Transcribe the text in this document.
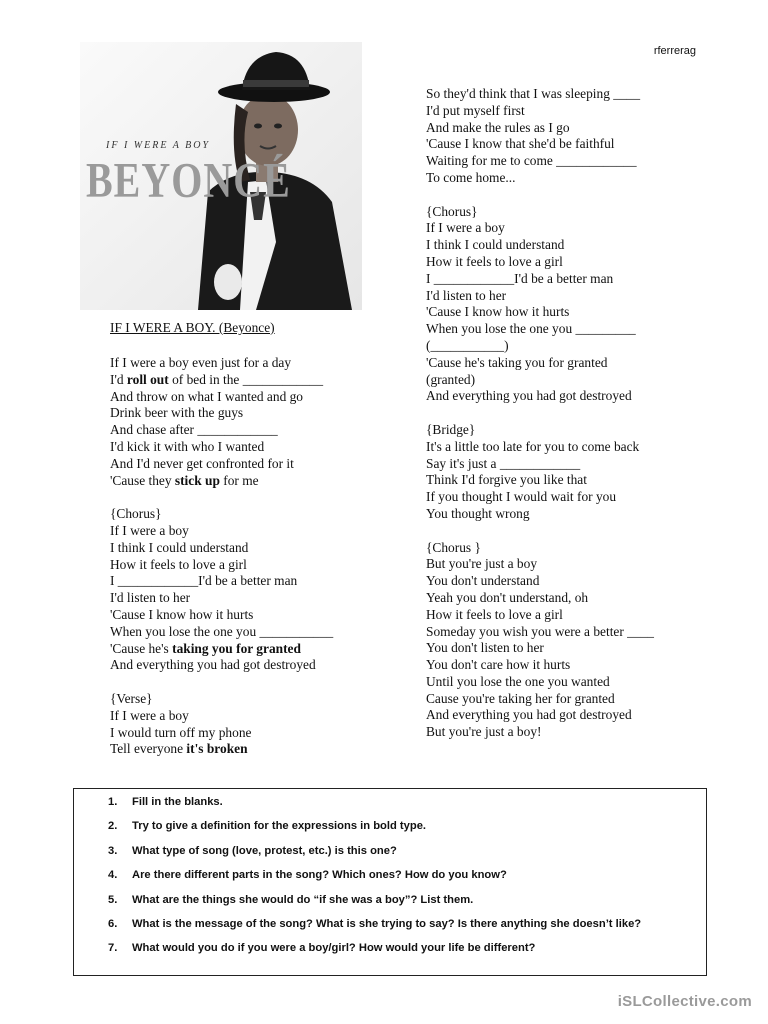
rferrerag
IF I WERE A BOY
BEYONCÉ
IF I WERE A BOY. (Beyonce)
If I were a boy even just for a day
I'd roll out of bed in the ____________
And throw on what I wanted and go
Drink beer with the guys
And chase after ____________
I'd kick it with who I wanted
And I'd never get confronted for it
'Cause they stick up for me
{Chorus}
If I were a boy
I think I could understand
How it feels to love a girl
I ____________I'd be a better man
I'd listen to her
'Cause I know how it hurts
When you lose the one you ___________
'Cause he's taking you for granted
And everything you had got destroyed
{Verse}
If I were a boy
I would turn off my phone
Tell everyone it's broken
So they'd think that I was sleeping ____
I'd put myself first
And make the rules as I go
'Cause I know that she'd be faithful
Waiting for me to come ____________
To come home...
{Chorus}
If I were a boy
I think I could understand
How it feels to love a girl
I ____________I'd be a better man
I'd listen to her
'Cause I know how it hurts
When you lose the one you _________
(___________)
'Cause he's taking you for granted
(granted)
And everything you had got destroyed
{Bridge}
It's a little too late for you to come back
Say it's just a ____________
Think I'd forgive you like that
If you thought I would wait for you
You thought wrong
{Chorus }
But you're just a boy
You don't understand
Yeah you don't understand, oh
How it feels to love a girl
Someday you wish you were a better ____
You don't listen to her
You don't care how it hurts
Until you lose the one you wanted
Cause you're taking her for granted
And everything you had got destroyed
But you're just a boy!
1. Fill in the blanks.
2. Try to give a definition for the expressions in bold type.
3. What type of song (love, protest, etc.) is this one?
4. Are there different parts in the song? Which ones? How do you know?
5. What are the things she would do “if she was a boy”? List them.
6. What is the message of the song? What is she trying to say? Is there anything she doesn’t like?
7. What would you do if you were a boy/girl? How would your life be different?
iSLCollective.com
